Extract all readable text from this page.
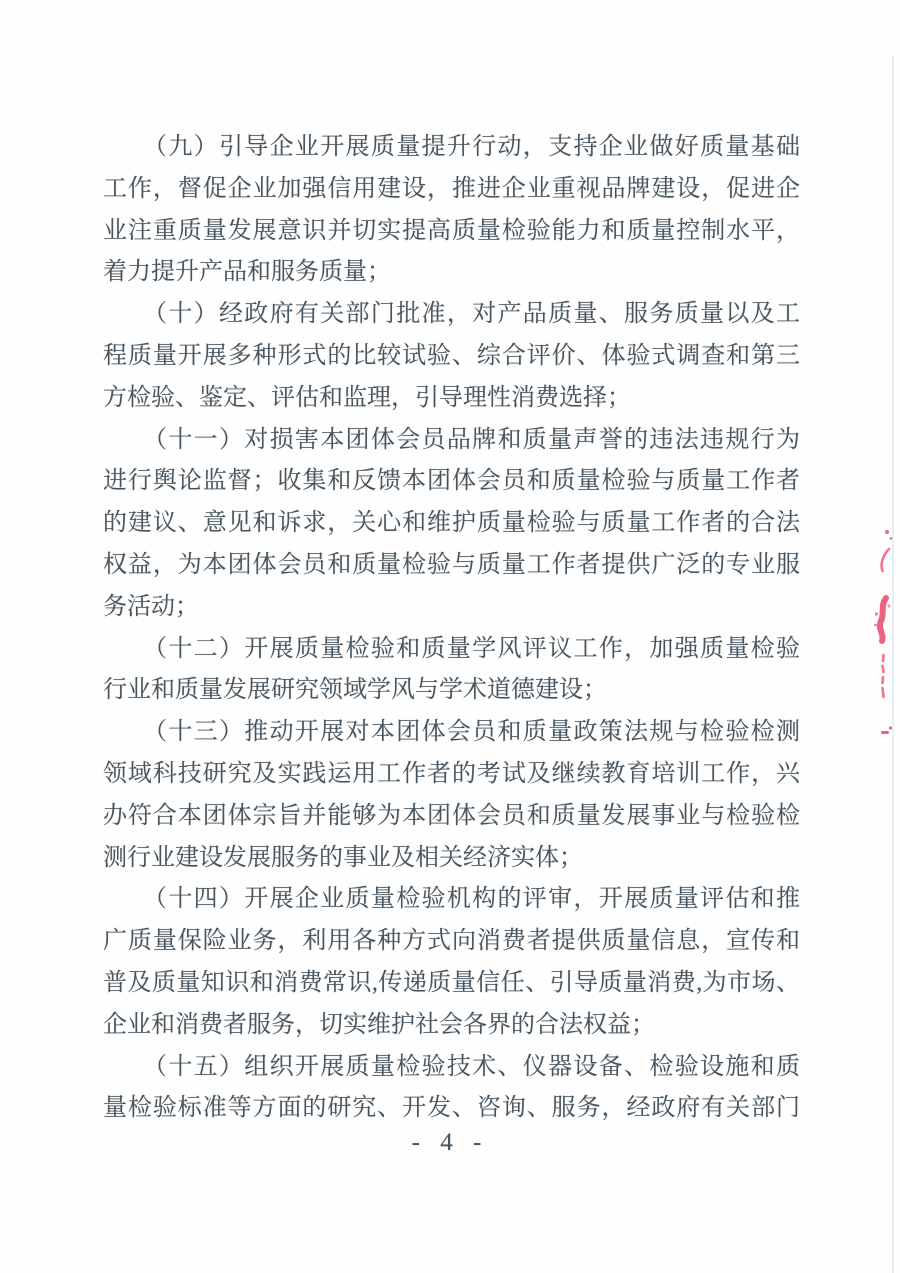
（九）引导企业开展质量提升行动，支持企业做好质量基础
工作，督促企业加强信用建设，推进企业重视品牌建设，促进企
业注重质量发展意识并切实提高质量检验能力和质量控制水平，
着力提升产品和服务质量；
（十）经政府有关部门批准，对产品质量、服务质量以及工
程质量开展多种形式的比较试验、综合评价、体验式调查和第三
方检验、鉴定、评估和监理，引导理性消费选择；
（十一）对损害本团体会员品牌和质量声誉的违法违规行为
进行舆论监督；收集和反馈本团体会员和质量检验与质量工作者
的建议、意见和诉求，关心和维护质量检验与质量工作者的合法
权益，为本团体会员和质量检验与质量工作者提供广泛的专业服
务活动；
（十二）开展质量检验和质量学风评议工作，加强质量检验
行业和质量发展研究领域学风与学术道德建设；
（十三）推动开展对本团体会员和质量政策法规与检验检测
领域科技研究及实践运用工作者的考试及继续教育培训工作，兴
办符合本团体宗旨并能够为本团体会员和质量发展事业与检验检
测行业建设发展服务的事业及相关经济实体；
（十四）开展企业质量检验机构的评审，开展质量评估和推
广质量保险业务，利用各种方式向消费者提供质量信息，宣传和
普及质量知识和消费常识,传递质量信任、引导质量消费,为市场、
企业和消费者服务，切实维护社会各界的合法权益；
（十五）组织开展质量检验技术、仪器设备、检验设施和质
量检验标准等方面的研究、开发、咨询、服务，经政府有关部门
- 4 -
